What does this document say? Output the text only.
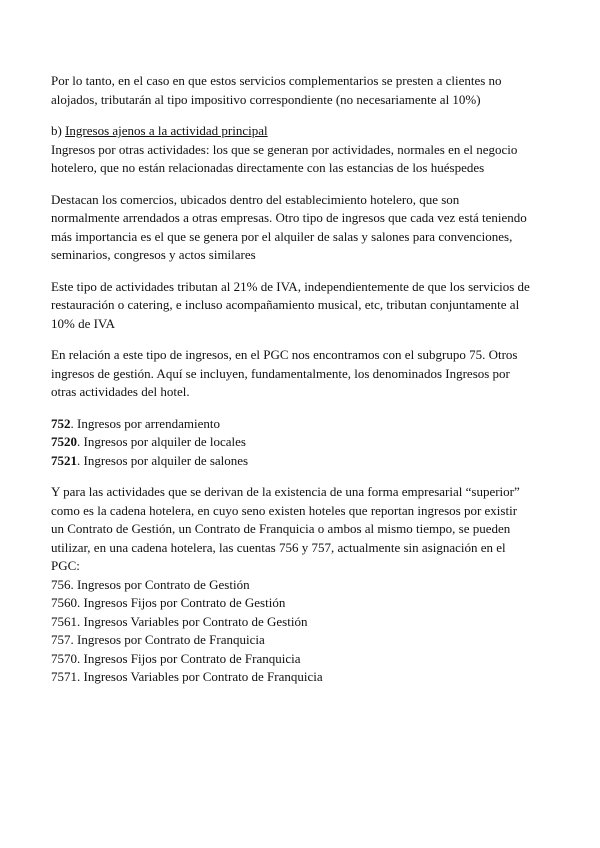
Por lo tanto, en el caso en que estos servicios complementarios se presten a clientes no
alojados, tributarán al tipo impositivo correspondiente (no necesariamente al 10%)

b) Ingresos ajenos a la actividad principal
Ingresos por otras actividades: los que se generan por actividades, normales en el negocio
hotelero, que no están relacionadas directamente con las estancias de los huéspedes

Destacan los comercios, ubicados dentro del establecimiento hotelero, que son
normalmente arrendados a otras empresas. Otro tipo de ingresos que cada vez está teniendo
más importancia es el que se genera por el alquiler de salas y salones para convenciones,
seminarios, congresos y actos similares

Este tipo de actividades tributan al 21% de IVA, independientemente de que los servicios de
restauración o catering, e incluso acompañamiento musical, etc, tributan conjuntamente al
10% de IVA

En relación a este tipo de ingresos, en el PGC nos encontramos con el subgrupo 75. Otros
ingresos de gestión. Aquí se incluyen, fundamentalmente, los denominados Ingresos por
otras actividades del hotel.

752. Ingresos por arrendamiento
7520. Ingresos por alquiler de locales
7521. Ingresos por alquiler de salones

Y para las actividades que se derivan de la existencia de una forma empresarial “superior”
como es la cadena hotelera, en cuyo seno existen hoteles que reportan ingresos por existir
un Contrato de Gestión, un Contrato de Franquicia o ambos al mismo tiempo, se pueden
utilizar, en una cadena hotelera, las cuentas 756 y 757, actualmente sin asignación en el
PGC:

756. Ingresos por Contrato de Gestión
7560. Ingresos Fijos por Contrato de Gestión
7561. Ingresos Variables por Contrato de Gestión
757. Ingresos por Contrato de Franquicia
7570. Ingresos Fijos por Contrato de Franquicia
7571. Ingresos Variables por Contrato de Franquicia
